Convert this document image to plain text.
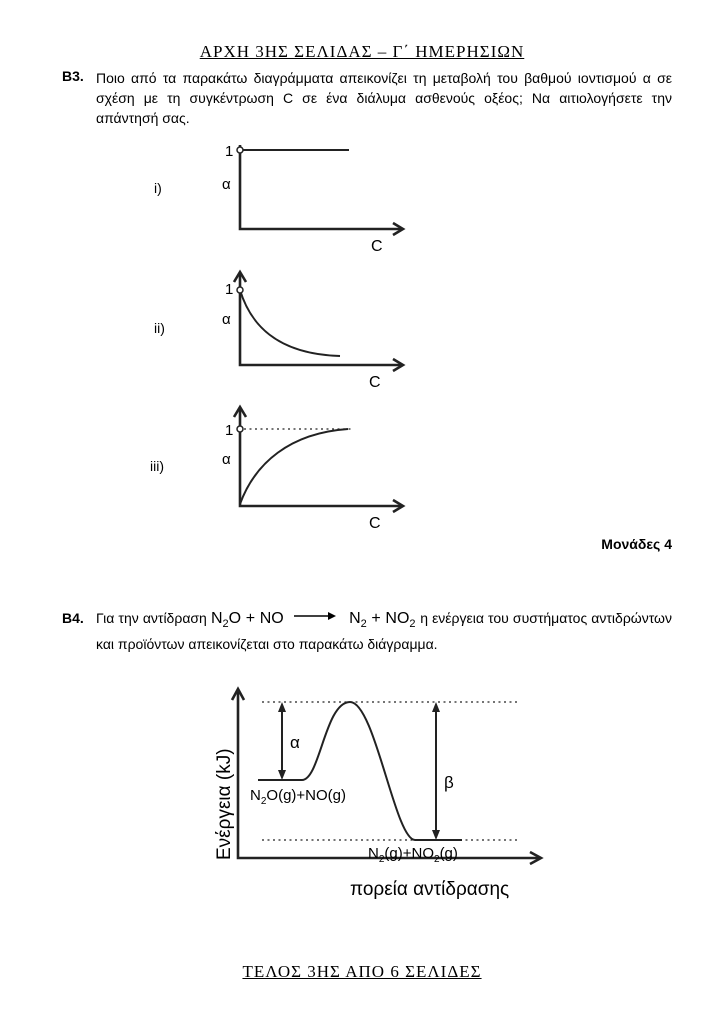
ΑΡΧΗ 3ΗΣ ΣΕΛΙΔΑΣ – Γ΄ ΗΜΕΡΗΣΙΩΝ
Β3. Ποιο από τα παρακάτω διαγράμματα απεικονίζει τη μεταβολή του βαθμού ιοντισμού α σε σχέση με τη συγκέντρωση C σε ένα διάλυμα ασθενούς οξέος; Να αιτιολογήσετε την απάντησή σας.
i)
1
α
C
ii)
1
α
C
iii)
1
α
C
Μονάδες 4
Β4. Για την αντίδραση $N_2O$ + NO → $N_2 + NO_2$ η ενέργεια του συστήματος αντιδρώντων και προϊόντων απεικονίζεται στο παρακάτω διάγραμμα.
α
β
$N_2O(g)+NO(g)$
$N_2(g)+NO_2(g)$
Ενέργεια (kJ)
πορεία αντίδρασης
ΤΕΛΟΣ 3ΗΣ ΑΠΟ 6 ΣΕΛΙΔΕΣ
